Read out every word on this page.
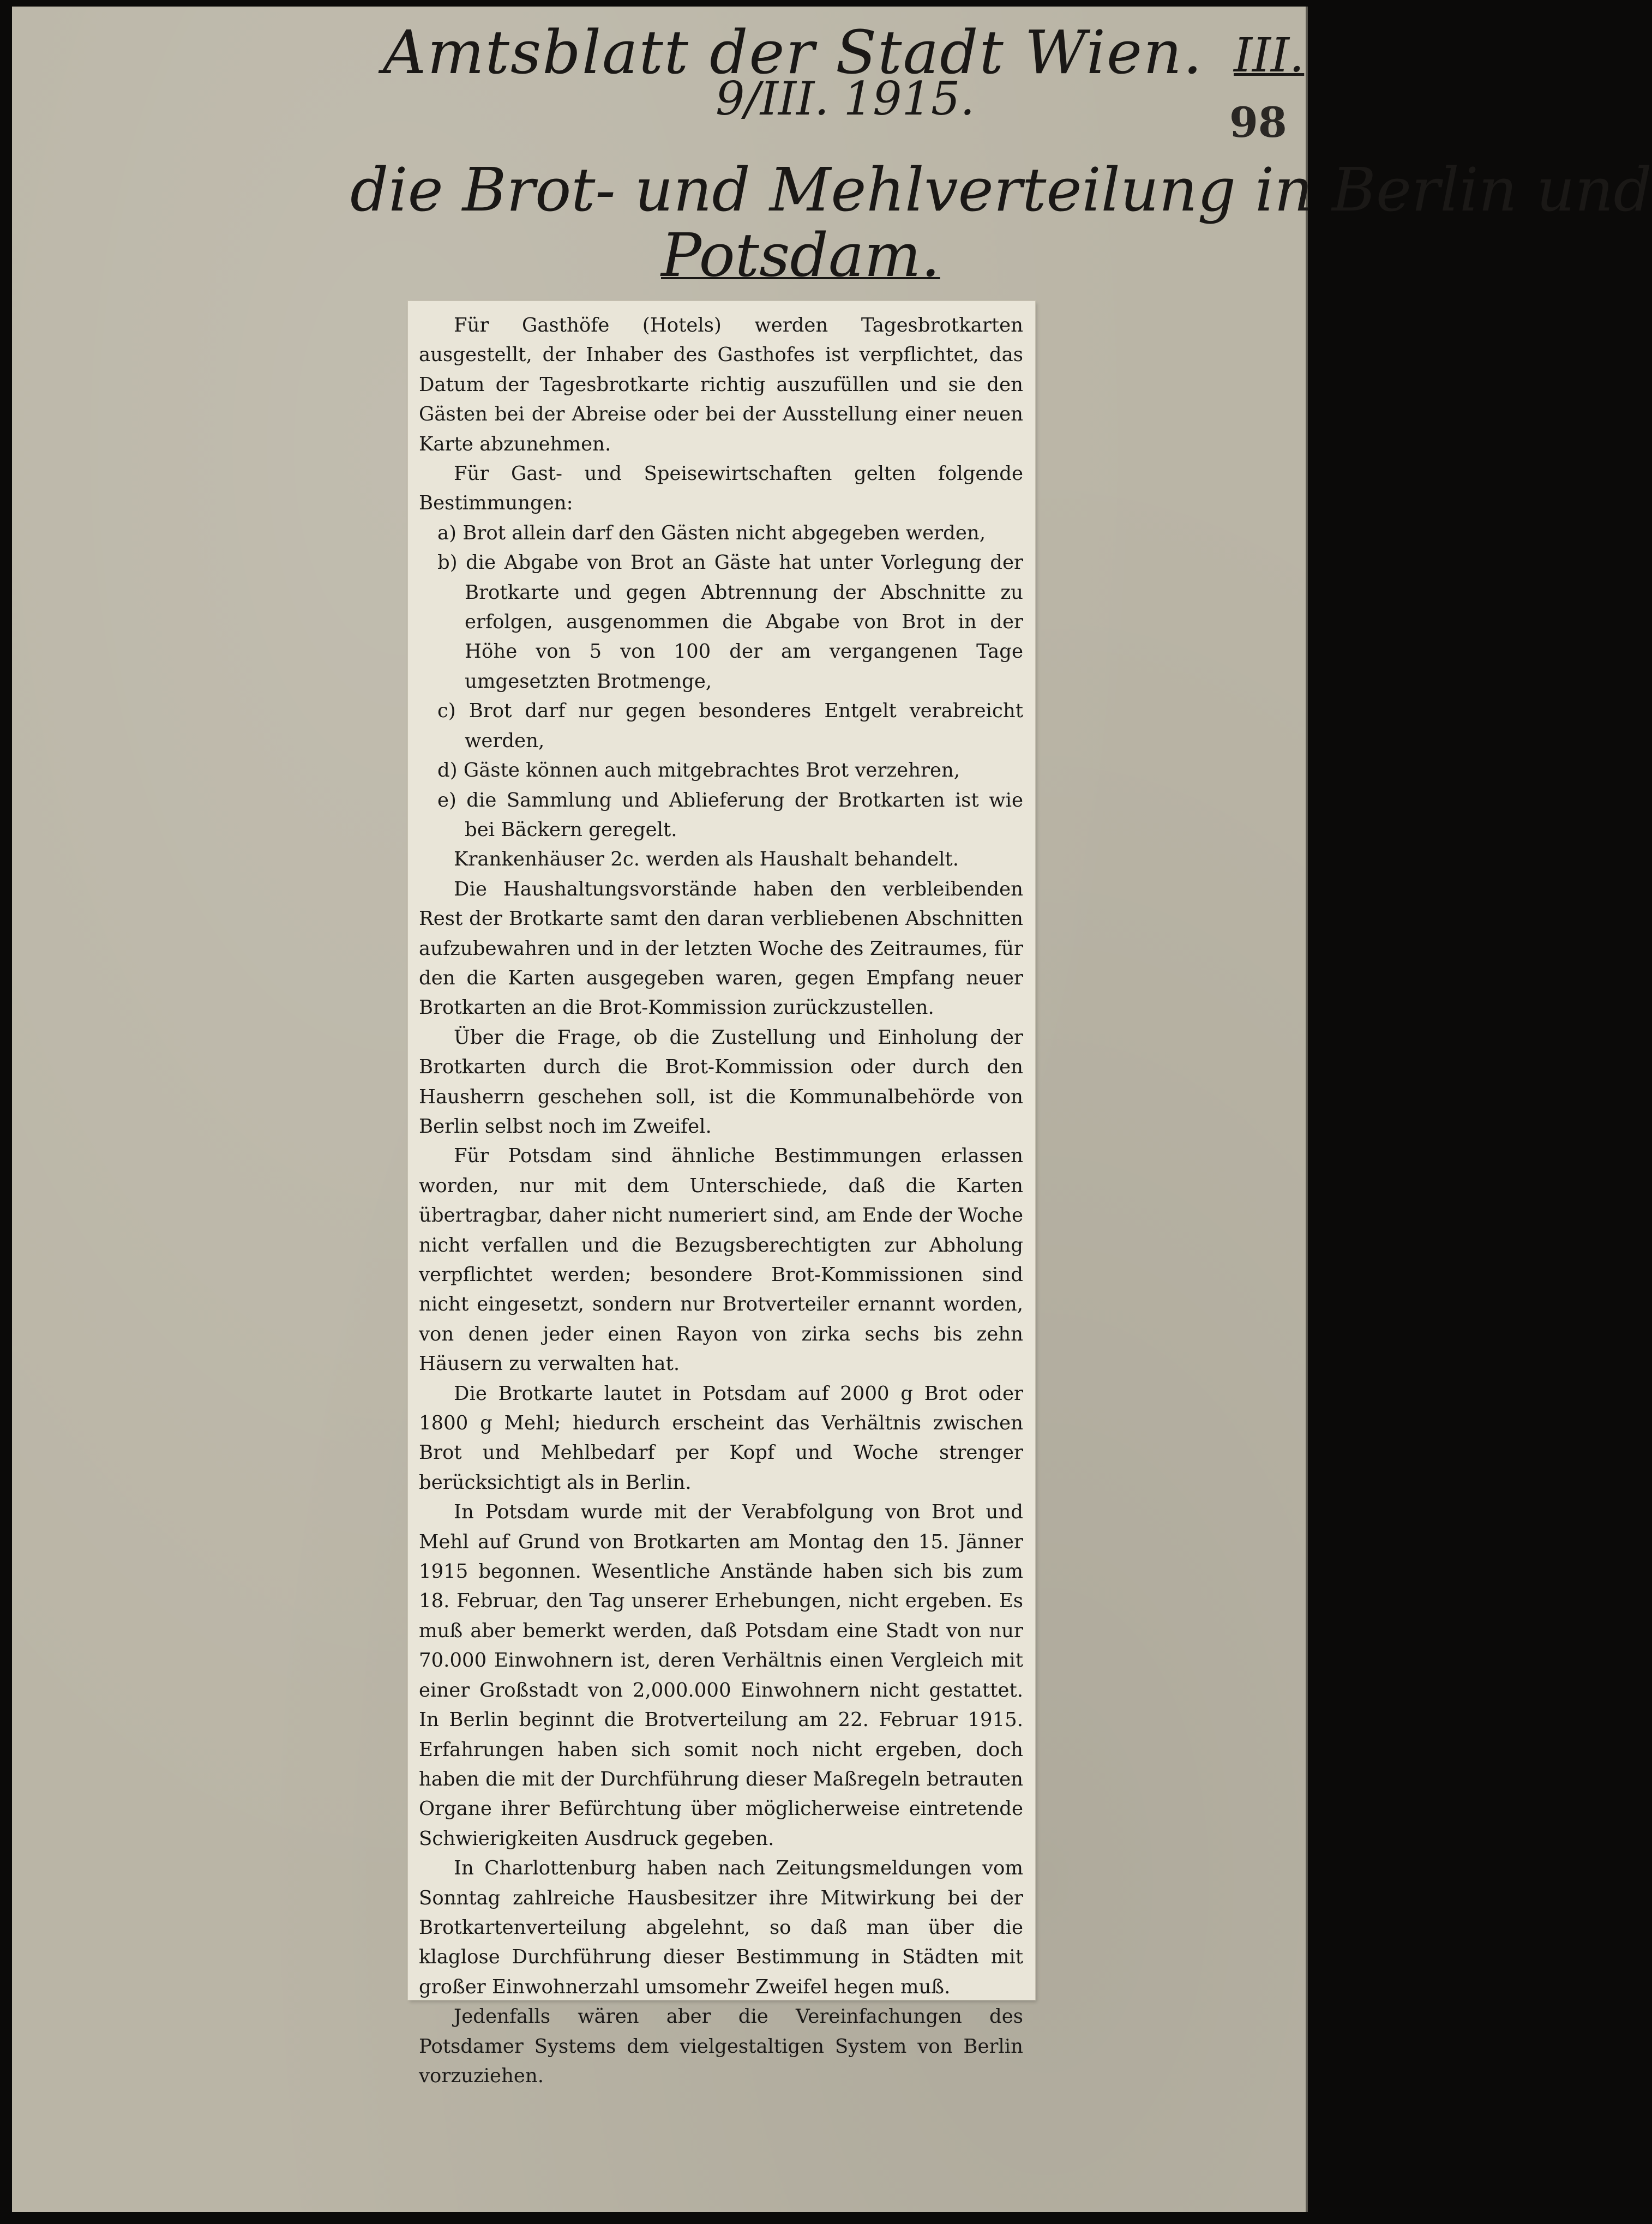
Amtsblatt der Stadt Wien.
9/III. 1915.
III.
98
die Brot- und Mehlverteilung in Berlin und
Potsdam.

Für Gasthöfe (Hotels) werden Tagesbrotkarten ausgestellt, der Inhaber des Gasthofes ist verpflichtet, das Datum der Tagesbrotkarte richtig auszufüllen und sie den Gästen bei der Abreise oder bei der Ausstellung einer neuen Karte abzunehmen.

Für Gast- und Speisewirtschaften gelten folgende Bestimmungen:

a) Brot allein darf den Gästen nicht abgegeben werden,

b) die Abgabe von Brot an Gäste hat unter Vorlegung der Brotkarte und gegen Abtrennung der Abschnitte zu erfolgen, ausgenommen die Abgabe von Brot in der Höhe von 5 von 100 der am vergangenen Tage umgesetzten Brotmenge,

c) Brot darf nur gegen besonderes Entgelt verabreicht werden,

d) Gäste können auch mitgebrachtes Brot verzehren,

e) die Sammlung und Ablieferung der Brotkarten ist wie bei Bäckern geregelt.

Krankenhäuser 2c. werden als Haushalt behandelt.

Die Haushaltungsvorstände haben den verbleibenden Rest der Brotkarte samt den daran verbliebenen Abschnitten aufzubewahren und in der letzten Woche des Zeitraumes, für den die Karten ausgegeben waren, gegen Empfang neuer Brotkarten an die Brot-Kommission zurückzustellen.

Über die Frage, ob die Zustellung und Einholung der Brotkarten durch die Brot-Kommission oder durch den Hausherrn geschehen soll, ist die Kommunalbehörde von Berlin selbst noch im Zweifel.

Für Potsdam sind ähnliche Bestimmungen erlassen worden, nur mit dem Unterschiede, daß die Karten übertragbar, daher nicht numeriert sind, am Ende der Woche nicht verfallen und die Bezugsberechtigten zur Abholung verpflichtet werden; besondere Brot-Kommissionen sind nicht eingesetzt, sondern nur Brotverteiler ernannt worden, von denen jeder einen Rayon von zirka sechs bis zehn Häusern zu verwalten hat.

Die Brotkarte lautet in Potsdam auf 2000 g Brot oder 1800 g Mehl; hiedurch erscheint das Verhältnis zwischen Brot und Mehlbedarf per Kopf und Woche strenger berücksichtigt als in Berlin.

In Potsdam wurde mit der Verabfolgung von Brot und Mehl auf Grund von Brotkarten am Montag den 15. Jänner 1915 begonnen. Wesentliche Anstände haben sich bis zum 18. Februar, den Tag unserer Erhebungen, nicht ergeben. Es muß aber bemerkt werden, daß Potsdam eine Stadt von nur 70.000 Einwohnern ist, deren Verhältnis einen Vergleich mit einer Großstadt von 2,000.000 Einwohnern nicht gestattet. In Berlin beginnt die Brotverteilung am 22. Februar 1915. Erfahrungen haben sich somit noch nicht ergeben, doch haben die mit der Durchführung dieser Maßregeln betrauten Organe ihrer Befürchtung über möglicherweise eintretende Schwierigkeiten Ausdruck gegeben.

In Charlottenburg haben nach Zeitungsmeldungen vom Sonntag zahlreiche Hausbesitzer ihre Mitwirkung bei der Brotkartenverteilung abgelehnt, so daß man über die klaglose Durchführung dieser Bestimmung in Städten mit großer Einwohnerzahl umsomehr Zweifel hegen muß.

Jedenfalls wären aber die Vereinfachungen des Potsdamer Systems dem vielgestaltigen System von Berlin vorzuziehen.
